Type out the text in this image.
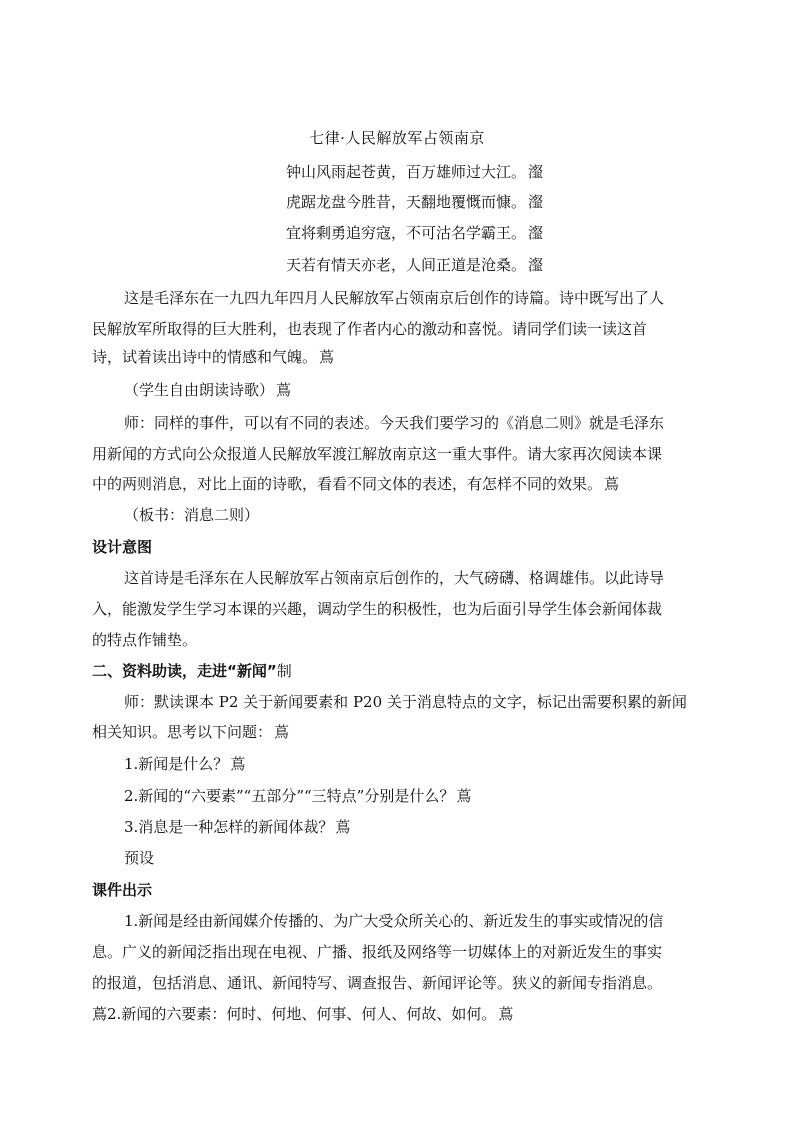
七律·人民解放军占领南京
钟山风雨起苍黄，百万雄师过大江。 瀣
虎踞龙盘今胜昔，天翻地覆慨而慷。 瀣
宜将剩勇追穷寇，不可沽名学霸王。 瀣
天若有情天亦老，人间正道是沧桑。 瀣
这是毛泽东在一九四九年四月人民解放军占领南京后创作的诗篇。诗中既写出了人
民解放军所取得的巨大胜利，也表现了作者内心的激动和喜悦。请同学们读一读这首
诗，试着读出诗中的情感和气魄。 蔦
（学生自由朗读诗歌） 蔦
师：同样的事件，可以有不同的表述。今天我们要学习的《消息二则》就是毛泽东
用新闻的方式向公众报道人民解放军渡江解放南京这一重大事件。请大家再次阅读本课
中的两则消息，对比上面的诗歌，看看不同文体的表述，有怎样不同的效果。 蔦
（板书：消息二则）
设计意图
这首诗是毛泽东在人民解放军占领南京后创作的，大气磅礴、格调雄伟。以此诗导
入，能激发学生学习本课的兴趣，调动学生的积极性，也为后面引导学生体会新闻体裁
的特点作铺垫。
二、资料助读，走进“新闻”制
师：默读课本 P2 关于新闻要素和 P20 关于消息特点的文字，标记出需要积累的新闻
相关知识。思考以下问题： 蔦
1.新闻是什么？ 蔦
2.新闻的“六要素”“五部分”“三特点”分别是什么？ 蔦
3.消息是一种怎样的新闻体裁？ 蔦
预设
课件出示
1.新闻是经由新闻媒介传播的、为广大受众所关心的、新近发生的事实或情况的信
息。广义的新闻泛指出现在电视、广播、报纸及网络等一切媒体上的对新近发生的事实
的报道，包括消息、通讯、新闻特写、调查报告、新闻评论等。狭义的新闻专指消息。
蔦2.新闻的六要素：何时、何地、何事、何人、何故、如何。 蔦
